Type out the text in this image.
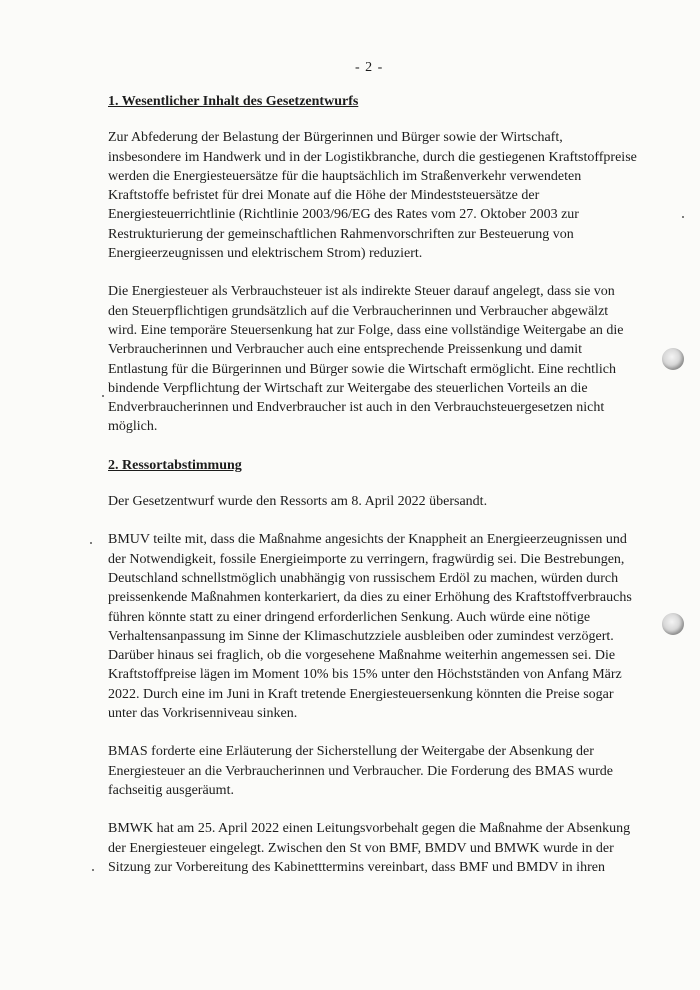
- 2 -
1. Wesentlicher Inhalt des Gesetzentwurfs
Zur Abfederung der Belastung der Bürgerinnen und Bürger sowie der Wirtschaft,
insbesondere im Handwerk und in der Logistikbranche, durch die gestiegenen Kraftstoffpreise
werden die Energiesteuersätze für die hauptsächlich im Straßenverkehr verwendeten
Kraftstoffe befristet für drei Monate auf die Höhe der Mindeststeuersätze der
Energiesteuerrichtlinie (Richtlinie 2003/96/EG des Rates vom 27. Oktober 2003 zur
Restrukturierung der gemeinschaftlichen Rahmenvorschriften zur Besteuerung von
Energieerzeugnissen und elektrischem Strom) reduziert.
Die Energiesteuer als Verbrauchsteuer ist als indirekte Steuer darauf angelegt, dass sie von
den Steuerpflichtigen grundsätzlich auf die Verbraucherinnen und Verbraucher abgewälzt
wird. Eine temporäre Steuersenkung hat zur Folge, dass eine vollständige Weitergabe an die
Verbraucherinnen und Verbraucher auch eine entsprechende Preissenkung und damit
Entlastung für die Bürgerinnen und Bürger sowie die Wirtschaft ermöglicht. Eine rechtlich
bindende Verpflichtung der Wirtschaft zur Weitergabe des steuerlichen Vorteils an die
Endverbraucherinnen und Endverbraucher ist auch in den Verbrauchsteuergesetzen nicht
möglich.
2. Ressortabstimmung
Der Gesetzentwurf wurde den Ressorts am 8. April 2022 übersandt.
BMUV teilte mit, dass die Maßnahme angesichts der Knappheit an Energieerzeugnissen und
der Notwendigkeit, fossile Energieimporte zu verringern, fragwürdig sei. Die Bestrebungen,
Deutschland schnellstmöglich unabhängig von russischem Erdöl zu machen, würden durch
preissenkende Maßnahmen konterkariert, da dies zu einer Erhöhung des Kraftstoffverbrauchs
führen könnte statt zu einer dringend erforderlichen Senkung. Auch würde eine nötige
Verhaltensanpassung im Sinne der Klimaschutzziele ausbleiben oder zumindest verzögert.
Darüber hinaus sei fraglich, ob die vorgesehene Maßnahme weiterhin angemessen sei. Die
Kraftstoffpreise lägen im Moment 10% bis 15% unter den Höchstständen von Anfang März
2022. Durch eine im Juni in Kraft tretende Energiesteuersenkung könnten die Preise sogar
unter das Vorkrisenniveau sinken.
BMAS forderte eine Erläuterung der Sicherstellung der Weitergabe der Absenkung der
Energiesteuer an die Verbraucherinnen und Verbraucher. Die Forderung des BMAS wurde
fachseitig ausgeräumt.
BMWK hat am 25. April 2022 einen Leitungsvorbehalt gegen die Maßnahme der Absenkung
der Energiesteuer eingelegt. Zwischen den St von BMF, BMDV und BMWK wurde in der
Sitzung zur Vorbereitung des Kabinetttermins vereinbart, dass BMF und BMDV in ihren
